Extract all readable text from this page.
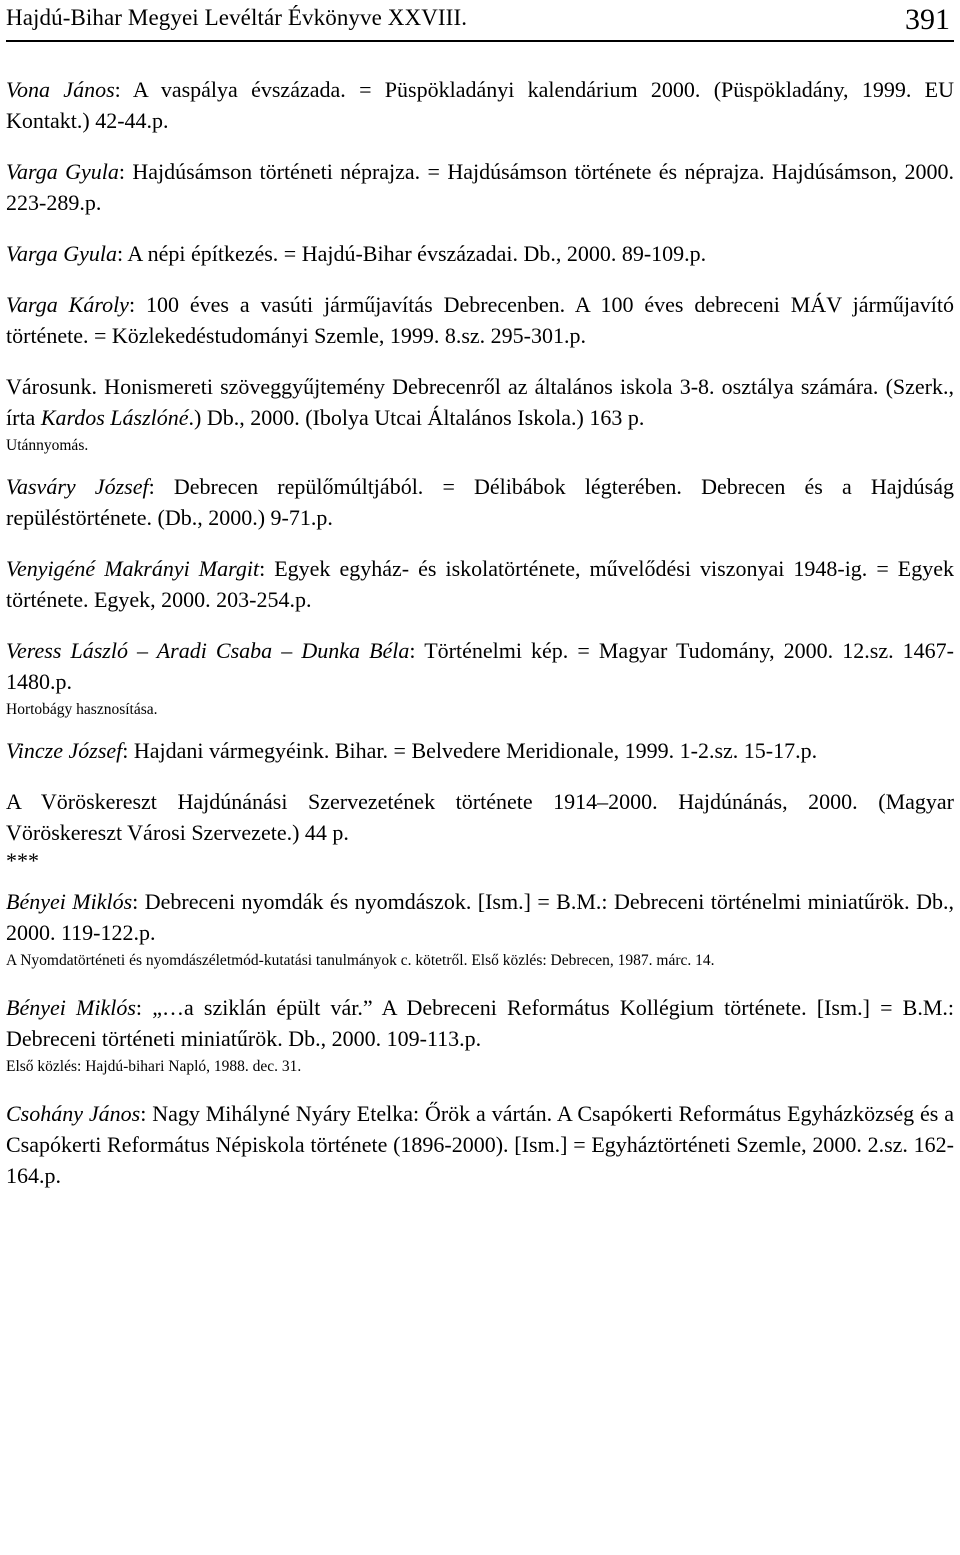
Hajdú-Bihar Megyei Levéltár Évkönyve XXVIII.	391

Vona János: A vaspálya évszázada. = Püspökladányi kalendárium 2000. (Püspökladány, 1999. EU Kontakt.) 42-44.p.

Varga Gyula: Hajdúsámson történeti néprajza. = Hajdúsámson története és néprajza. Hajdúsámson, 2000. 223-289.p.

Varga Gyula: A népi építkezés. = Hajdú-Bihar évszázadai. Db., 2000. 89-109.p.

Varga Károly: 100 éves a vasúti járműjavítás Debrecenben. A 100 éves debreceni MÁV járműjavító története. = Közlekedéstudományi Szemle, 1999. 8.sz. 295-301.p.

Városunk. Honismereti szöveggyűjtemény Debrecenről az általános iskola 3-8. osztálya számára. (Szerk., írta Kardos Lászlóné.) Db., 2000. (Ibolya Utcai Általános Iskola.) 163 p.
Utánnyomás.

Vasváry József: Debrecen repülőmúltjából. = Délibábok légterében. Debrecen és a Hajdúság repüléstörténete. (Db., 2000.) 9-71.p.

Venyigéné Makrányi Margit: Egyek egyház- és iskolatörténete, művelődési viszonyai 1948-ig. = Egyek története. Egyek, 2000. 203-254.p.

Veress László – Aradi Csaba – Dunka Béla: Történelmi kép. = Magyar Tudomány, 2000. 12.sz. 1467-1480.p.
Hortobágy hasznosítása.

Vincze József: Hajdani vármegyéink. Bihar. = Belvedere Meridionale, 1999. 1-2.sz. 15-17.p.

A Vöröskereszt Hajdúnánási Szervezetének története 1914–2000. Hajdúnánás, 2000. (Magyar Vöröskereszt Városi Szervezete.) 44 p.
***

Bényei Miklós: Debreceni nyomdák és nyomdászok. [Ism.] = B.M.: Debreceni történelmi miniatűrök. Db., 2000. 119-122.p.
A Nyomdatörténeti és nyomdászéletmód-kutatási tanulmányok c. kötetről. Első közlés: Debrecen, 1987. márc. 14.

Bényei Miklós: „…a sziklán épült vár.” A Debreceni Református Kollégium története. [Ism.] = B.M.: Debreceni történeti miniatűrök. Db., 2000. 109-113.p.
Első közlés: Hajdú-bihari Napló, 1988. dec. 31.

Csohány János: Nagy Mihályné Nyáry Etelka: Őrök a vártán. A Csapókerti Református Egyházközség és a Csapókerti Református Népiskola története (1896-2000). [Ism.] = Egyháztörténeti Szemle, 2000. 2.sz. 162-164.p.
